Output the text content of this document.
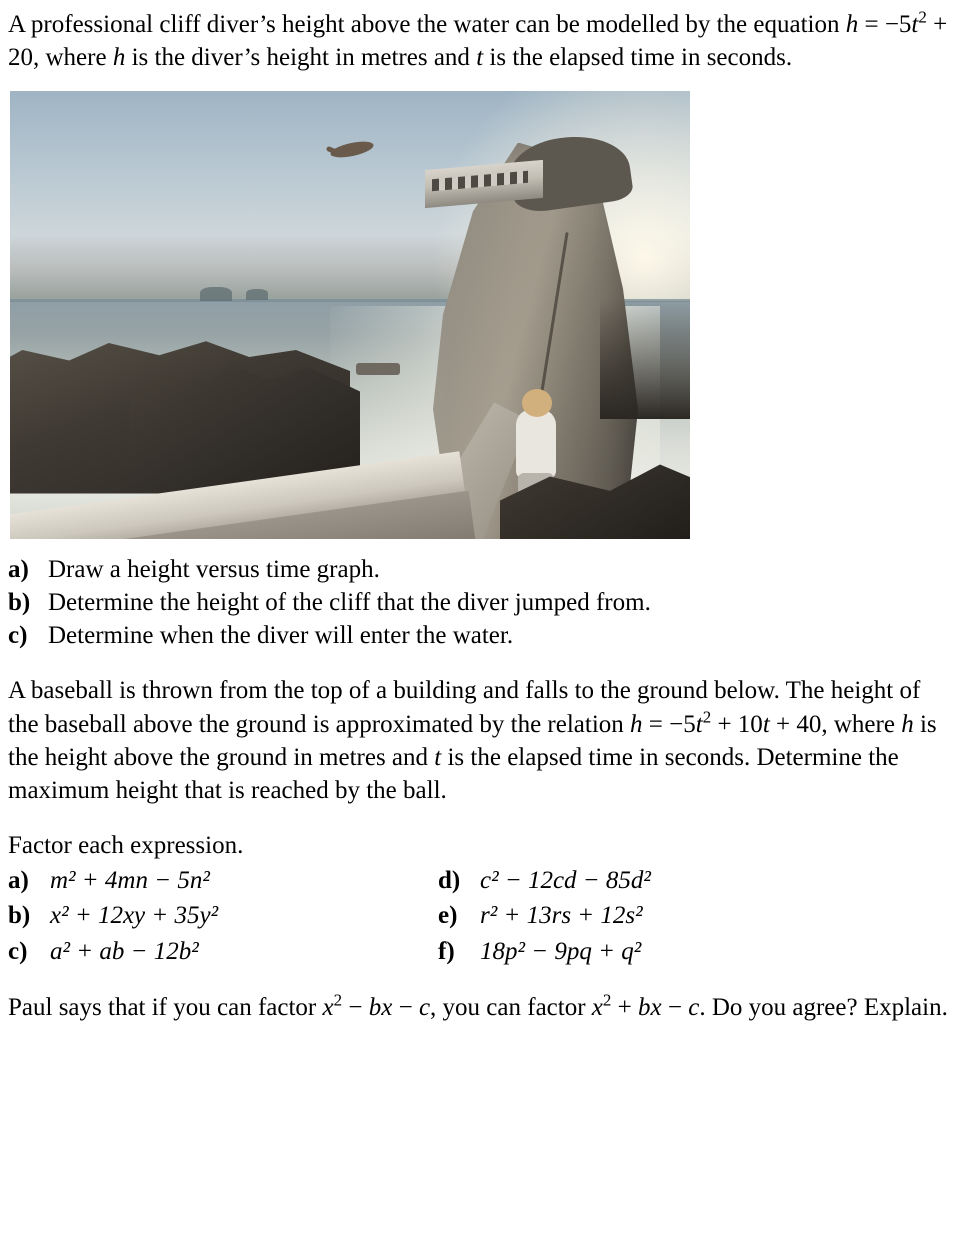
A professional cliff diver’s height above the water can be modelled by the equation $h = -5t^2 + 20$, where h is the diver’s height in metres and t is the elapsed time in seconds.

a) Draw a height versus time graph.
b) Determine the height of the cliff that the diver jumped from.
c) Determine when the diver will enter the water.

A baseball is thrown from the top of a building and falls to the ground below. The height of the baseball above the ground is approximated by the relation $h = -5t^2 + 10t + 40$, where h is the height above the ground in metres and t is the elapsed time in seconds. Determine the maximum height that is reached by the ball.

Factor each expression.

a) m² + 4mn − 5n²	d) c² − 12cd − 85d²
b) x² + 12xy + 35y²	e) r² + 13rs + 12s²
c) a² + ab − 12b²	f)	18p² − 9pq + q²

Paul says that if you can factor $x^2$ − bx − c, you can factor $x^2$ + bx − c. Do you agree? Explain.
